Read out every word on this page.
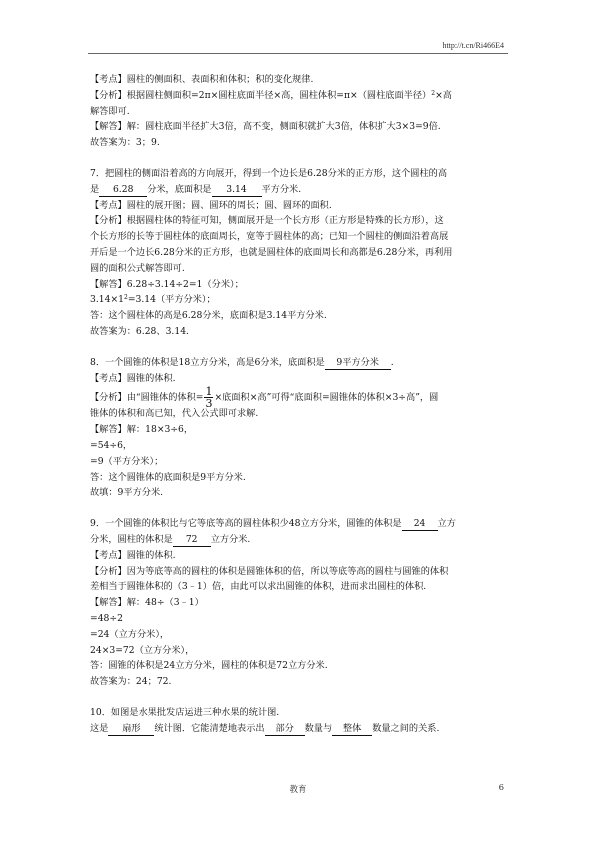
http://t.cn/Ri466E4
【考点】圆柱的侧面积、表面积和体积；积的变化规律.
【分析】根据圆柱侧面积=2π×圆柱底面半径×高，圆柱体积=π×（圆柱底面半径）$^2$×高
解答即可.
【解答】解：圆柱底面半径扩大3倍，高不变，侧面积就扩大3倍，体积扩大3×3=9倍.
故答案为：3；9.
7．把圆柱的侧面沿着高的方向展开，得到一个边长是6.28分米的正方形，这个圆柱的高
是 6.28 分米，底面积是 3.14 平方分米.
【考点】圆柱的展开图；圆、圆环的周长；圆、圆环的面积.
【分析】根据圆柱体的特征可知，侧面展开是一个长方形（正方形是特殊的长方形），这
个长方形的长等于圆柱体的底面周长，宽等于圆柱体的高；已知一个圆柱的侧面沿着高展
开后是一个边长6.28分米的正方形，也就是圆柱体的底面周长和高都是6.28分米，再利用
圆的面积公式解答即可.
【解答】6.28÷3.14÷2=1（分米）；
$3.14\times 1^2=3.14$（平方分米）；
答：这个圆柱体的高是6.28分米，底面积是3.14平方分米.
故答案为：6.28、3.14.
8．一个圆锥的体积是18立方分米，高是6分米，底面积是 9平方分米 .
【考点】圆锥的体积.
【分析】由“圆锥体的体积= $\frac{1}{3}$ ×底面积×高”可得“底面积=圆锥体的体积×3÷高”，圆
锥体的体积和高已知，代入公式即可求解.
【解答】解：18×3÷6，
=54÷6，
=9（平方分米）；
答：这个圆锥体的底面积是9平方分米.
故填：9平方分米.
9．一个圆锥的体积比与它等底等高的圆柱体积少48立方分米，圆锥的体积是 24 立方
分米，圆柱的体积是 72 立方分米.
【考点】圆锥的体积.
【分析】因为等底等高的圆柱的体积是圆锥体积的倍，所以等底等高的圆柱与圆锥的体积
差相当于圆锥体积的（3﹣1）倍，由此可以求出圆锥的体积，进而求出圆柱的体积.
【解答】解：48÷（3﹣1）
=48÷2
=24（立方分米），
24×3=72（立方分米），
答：圆锥的体积是24立方分米，圆柱的体积是72立方分米.
故答案为：24；72.
10．如图是水果批发店运进三种水果的统计图.
这是 扇形 统计图．它能清楚地表示出 部分 数量与 整体 数量之间的关系.
教育	6
